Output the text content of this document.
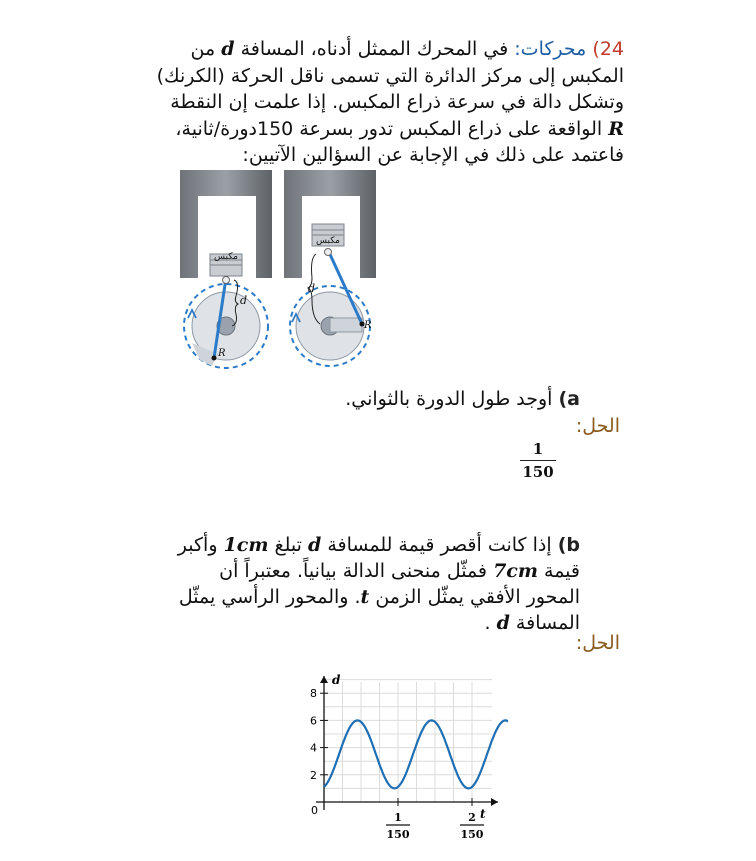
24) محركات: في المحرك الممثل أدناه، المسافة d من المكبس إلى مركز الدائرة التي تسمى ناقل الحركة (الكرنك) وتشكل دالة في سرعة ذراع المكبس. إذا علمت إن النقطة R الواقعة على ذراع المكبس تدور بسرعة 150دورة/ثانية، فاعتمد على ذلك في الإجابة عن السؤالين الآتيين:
مكبس
d
R
مكبس
d
R
a) أوجد طول الدورة بالثواني.
الحل:
1
150
b) إذا كانت أقصر قيمة للمسافة d تبلغ 1cm وأكبر قيمة 7cm فمثّل منحنى الدالة بيانياً. معتبراً أن المحور الأفقي يمثّل الزمن t. والمحور الرأسي يمثّل المسافة d .
الحل:
t
d
0
2
4
6
8
1
150
2
150
